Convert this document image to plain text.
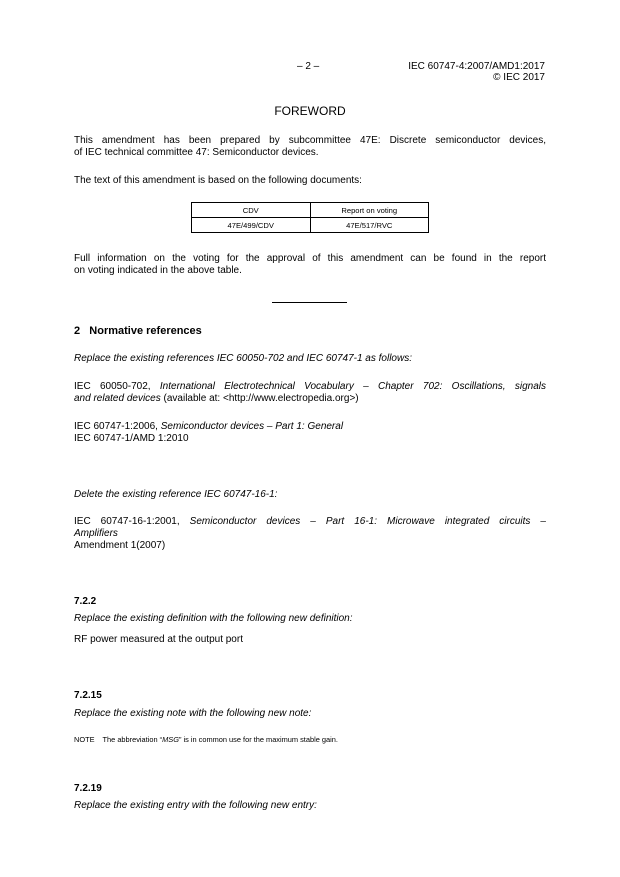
– 2 –	IEC 60747-4:2007/AMD1:2017
© IEC 2017
FOREWORD
This amendment has been prepared by subcommittee 47E: Discrete semiconductor devices,
of IEC technical committee 47: Semiconductor devices.
The text of this amendment is based on the following documents:
CDV	Report on voting
47E/499/CDV	47E/517/RVC
Full information on the voting for the approval of this amendment can be found in the report
on voting indicated in the above table.
2   Normative references
Replace the existing references IEC 60050-702 and IEC 60747-1 as follows:
IEC 60050-702, International Electrotechnical Vocabulary – Chapter 702: Oscillations, signals
and related devices (available at: <http://www.electropedia.org>)
IEC 60747-1:2006, Semiconductor devices – Part 1: General
IEC 60747-1/AMD 1:2010
Delete the existing reference IEC 60747-16-1:
IEC 60747-16-1:2001, Semiconductor devices – Part 16-1: Microwave integrated circuits –
Amplifiers
Amendment 1(2007)
7.2.2
Replace the existing definition with the following new definition:
RF power measured at the output port
7.2.15
Replace the existing note with the following new note:
NOTE The abbreviation “MSG” is in common use for the maximum stable gain.
7.2.19
Replace the existing entry with the following new entry:
